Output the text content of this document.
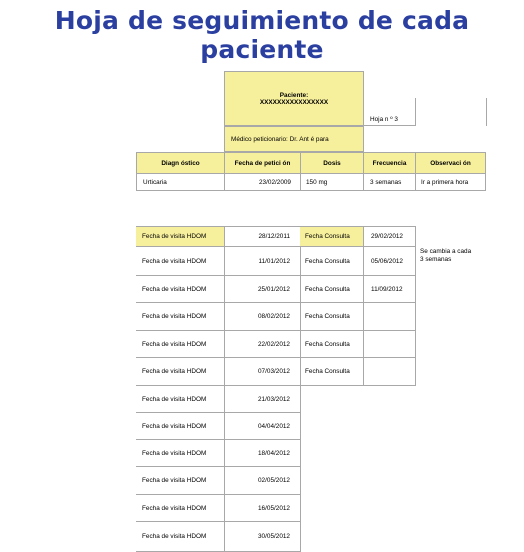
Hoja de seguimiento de cada paciente
Paciente:
XXXXXXXXXXXXXXXX
Hoja n º 3
Médico peticionario: Dr. Ant é para
Diagn óstico	Fecha de petici ón	Dosis	Frecuencia	Observaci ón
Urticaria	23/02/2009	150 mg	3 semanas	Ir a primera hora
Fecha de visita HDOM	28/12/2011	Fecha Consulta	29/02/2012
Fecha de visita HDOM	11/01/2012	Fecha Consulta	05/06/2012
Fecha de visita HDOM	25/01/2012	Fecha Consulta	11/09/2012
Fecha de visita HDOM	08/02/2012	Fecha Consulta
Fecha de visita HDOM	22/02/2012	Fecha Consulta
Fecha de visita HDOM	07/03/2012	Fecha Consulta
Fecha de visita HDOM	21/03/2012
Fecha de visita HDOM	04/04/2012
Fecha de visita HDOM	18/04/2012
Fecha de visita HDOM	02/05/2012
Fecha de visita HDOM	16/05/2012
Fecha de visita HDOM	30/05/2012
Se cambia a cada
3 semanas
